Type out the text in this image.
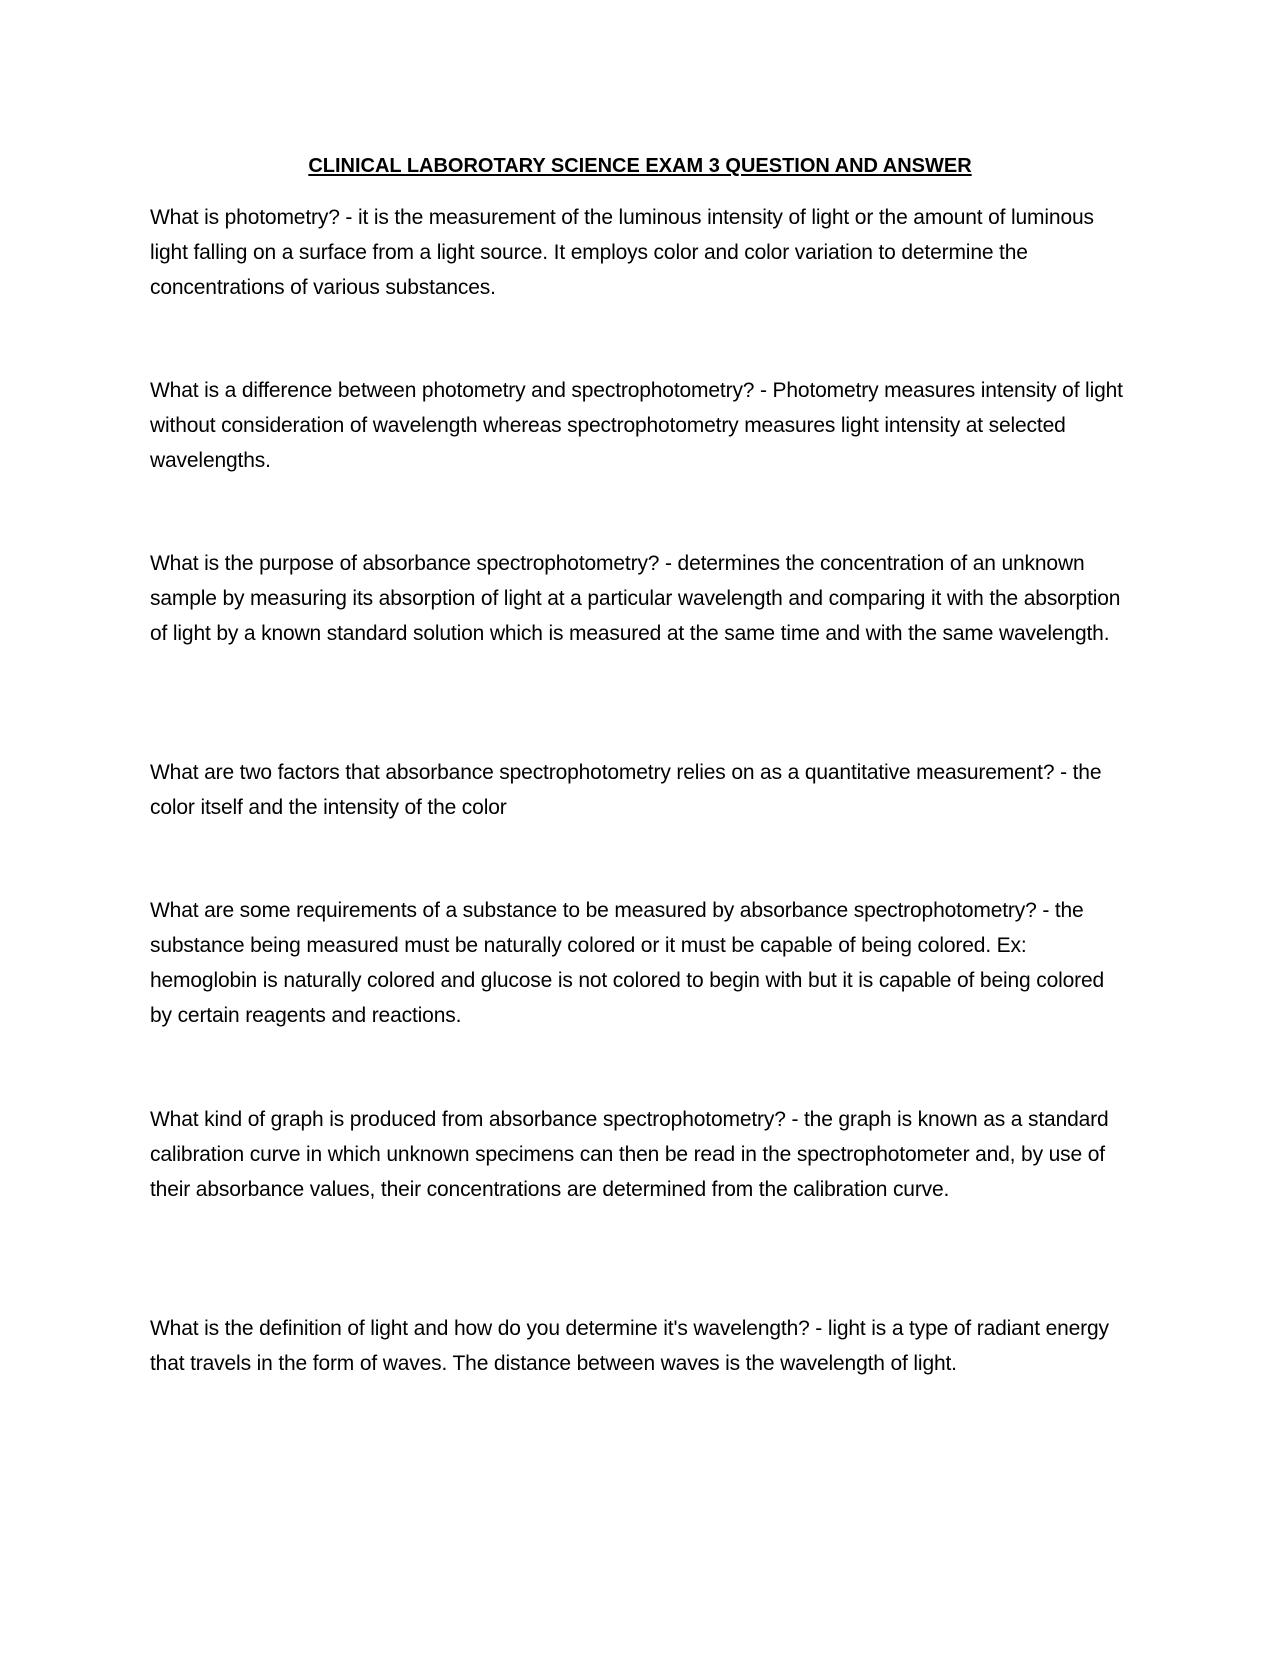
CLINICAL LABOROTARY SCIENCE EXAM 3 QUESTION AND ANSWER

What is photometry? - it is the measurement of the luminous intensity of light or the amount of luminous light falling on a surface from a light source. It employs color and color variation to determine the concentrations of various substances.

What is a difference between photometry and spectrophotometry? - Photometry measures intensity of light without consideration of wavelength whereas spectrophotometry measures light intensity at selected wavelengths.

What is the purpose of absorbance spectrophotometry? - determines the concentration of an unknown sample by measuring its absorption of light at a particular wavelength and comparing it with the absorption of light by a known standard solution which is measured at the same time and with the same wavelength.

What are two factors that absorbance spectrophotometry relies on as a quantitative measurement? - the color itself and the intensity of the color

What are some requirements of a substance to be measured by absorbance spectrophotometry? - the substance being measured must be naturally colored or it must be capable of being colored. Ex: hemoglobin is naturally colored and glucose is not colored to begin with but it is capable of being colored by certain reagents and reactions.

What kind of graph is produced from absorbance spectrophotometry? - the graph is known as a standard calibration curve in which unknown specimens can then be read in the spectrophotometer and, by use of their absorbance values, their concentrations are determined from the calibration curve.

What is the definition of light and how do you determine it's wavelength? - light is a type of radiant energy that travels in the form of waves. The distance between waves is the wavelength of light.
